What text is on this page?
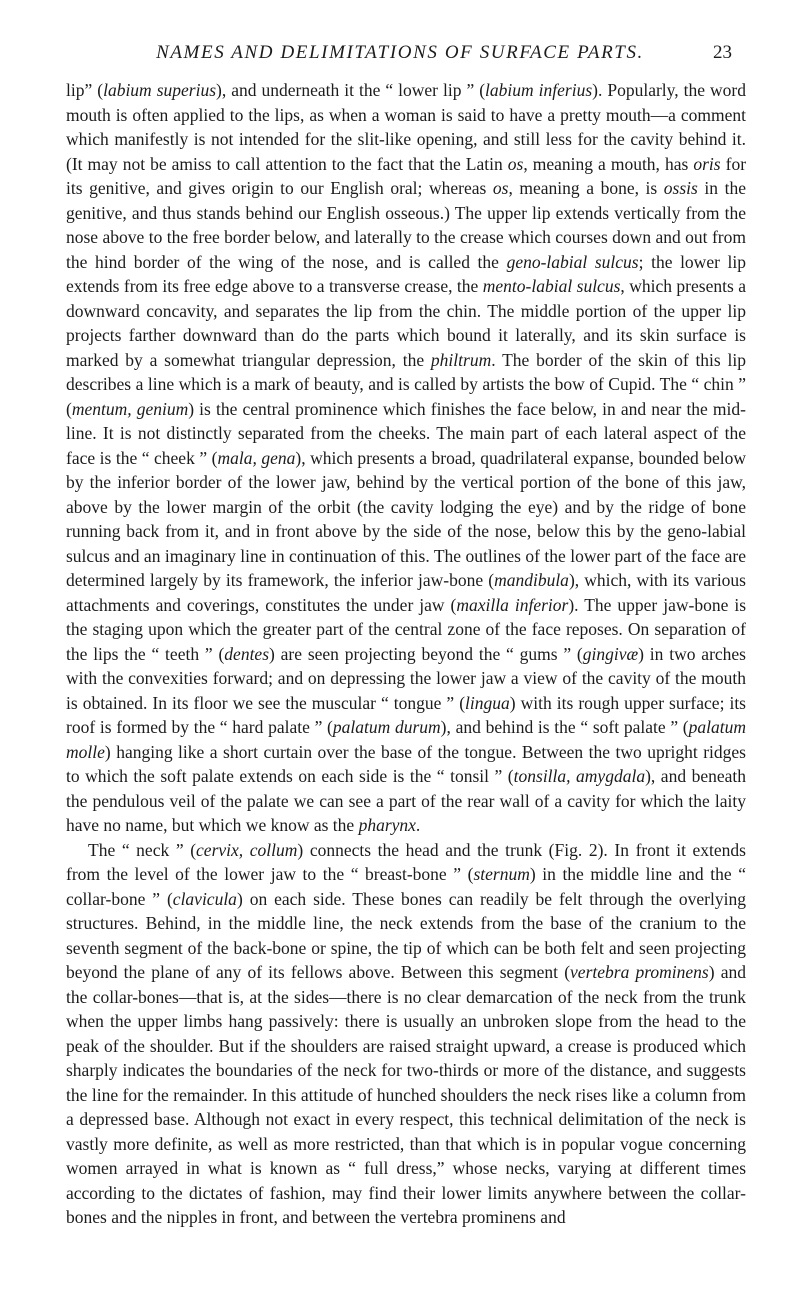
NAMES AND DELIMITATIONS OF SURFACE PARTS.	23

lip” (labium superius), and underneath it the “ lower lip ” (labium inferius). Popularly, the word mouth is often applied to the lips, as when a woman is said to have a pretty mouth—a comment which manifestly is not intended for the slit-like opening, and still less for the cavity behind it. (It may not be amiss to call attention to the fact that the Latin os, meaning a mouth, has oris for its genitive, and gives origin to our English oral; whereas os, meaning a bone, is ossis in the genitive, and thus stands behind our English osseous.) The upper lip extends vertically from the nose above to the free border below, and laterally to the crease which courses down and out from the hind border of the wing of the nose, and is called the geno-labial sulcus; the lower lip extends from its free edge above to a transverse crease, the mento-labial sulcus, which presents a downward concavity, and separates the lip from the chin. The middle portion of the upper lip projects farther downward than do the parts which bound it laterally, and its skin surface is marked by a somewhat triangular depression, the philtrum. The border of the skin of this lip describes a line which is a mark of beauty, and is called by artists the bow of Cupid. The “ chin ” (mentum, genium) is the central prominence which finishes the face below, in and near the mid-line. It is not distinctly separated from the cheeks. The main part of each lateral aspect of the face is the “ cheek ” (mala, gena), which presents a broad, quadrilateral expanse, bounded below by the inferior border of the lower jaw, behind by the vertical portion of the bone of this jaw, above by the lower margin of the orbit (the cavity lodging the eye) and by the ridge of bone running back from it, and in front above by the side of the nose, below this by the geno-labial sulcus and an imaginary line in continuation of this. The outlines of the lower part of the face are determined largely by its framework, the inferior jaw-bone (mandibula), which, with its various attachments and coverings, constitutes the under jaw (maxilla inferior). The upper jaw-bone is the staging upon which the greater part of the central zone of the face reposes. On separation of the lips the “ teeth ” (dentes) are seen projecting beyond the “ gums ” (gingivæ) in two arches with the convexities forward; and on depressing the lower jaw a view of the cavity of the mouth is obtained. In its floor we see the muscular “ tongue ” (lingua) with its rough upper surface; its roof is formed by the “ hard palate ” (palatum durum), and behind is the “ soft palate ” (palatum molle) hanging like a short curtain over the base of the tongue. Between the two upright ridges to which the soft palate extends on each side is the “ tonsil ” (tonsilla, amygdala), and beneath the pendulous veil of the palate we can see a part of the rear wall of a cavity for which the laity have no name, but which we know as the pharynx.

The “ neck ” (cervix, collum) connects the head and the trunk (Fig. 2). In front it extends from the level of the lower jaw to the “ breast-bone ” (sternum) in the middle line and the “ collar-bone ” (clavicula) on each side. These bones can readily be felt through the overlying structures. Behind, in the middle line, the neck extends from the base of the cranium to the seventh segment of the back-bone or spine, the tip of which can be both felt and seen projecting beyond the plane of any of its fellows above. Between this segment (vertebra prominens) and the collar-bones—that is, at the sides—there is no clear demarcation of the neck from the trunk when the upper limbs hang passively: there is usually an unbroken slope from the head to the peak of the shoulder. But if the shoulders are raised straight upward, a crease is produced which sharply indicates the boundaries of the neck for two-thirds or more of the distance, and suggests the line for the remainder. In this attitude of hunched shoulders the neck rises like a column from a depressed base. Although not exact in every respect, this technical delimitation of the neck is vastly more definite, as well as more restricted, than that which is in popular vogue concerning women arrayed in what is known as “ full dress,” whose necks, varying at different times according to the dictates of fashion, may find their lower limits anywhere between the collar-bones and the nipples in front, and between the vertebra prominens and
